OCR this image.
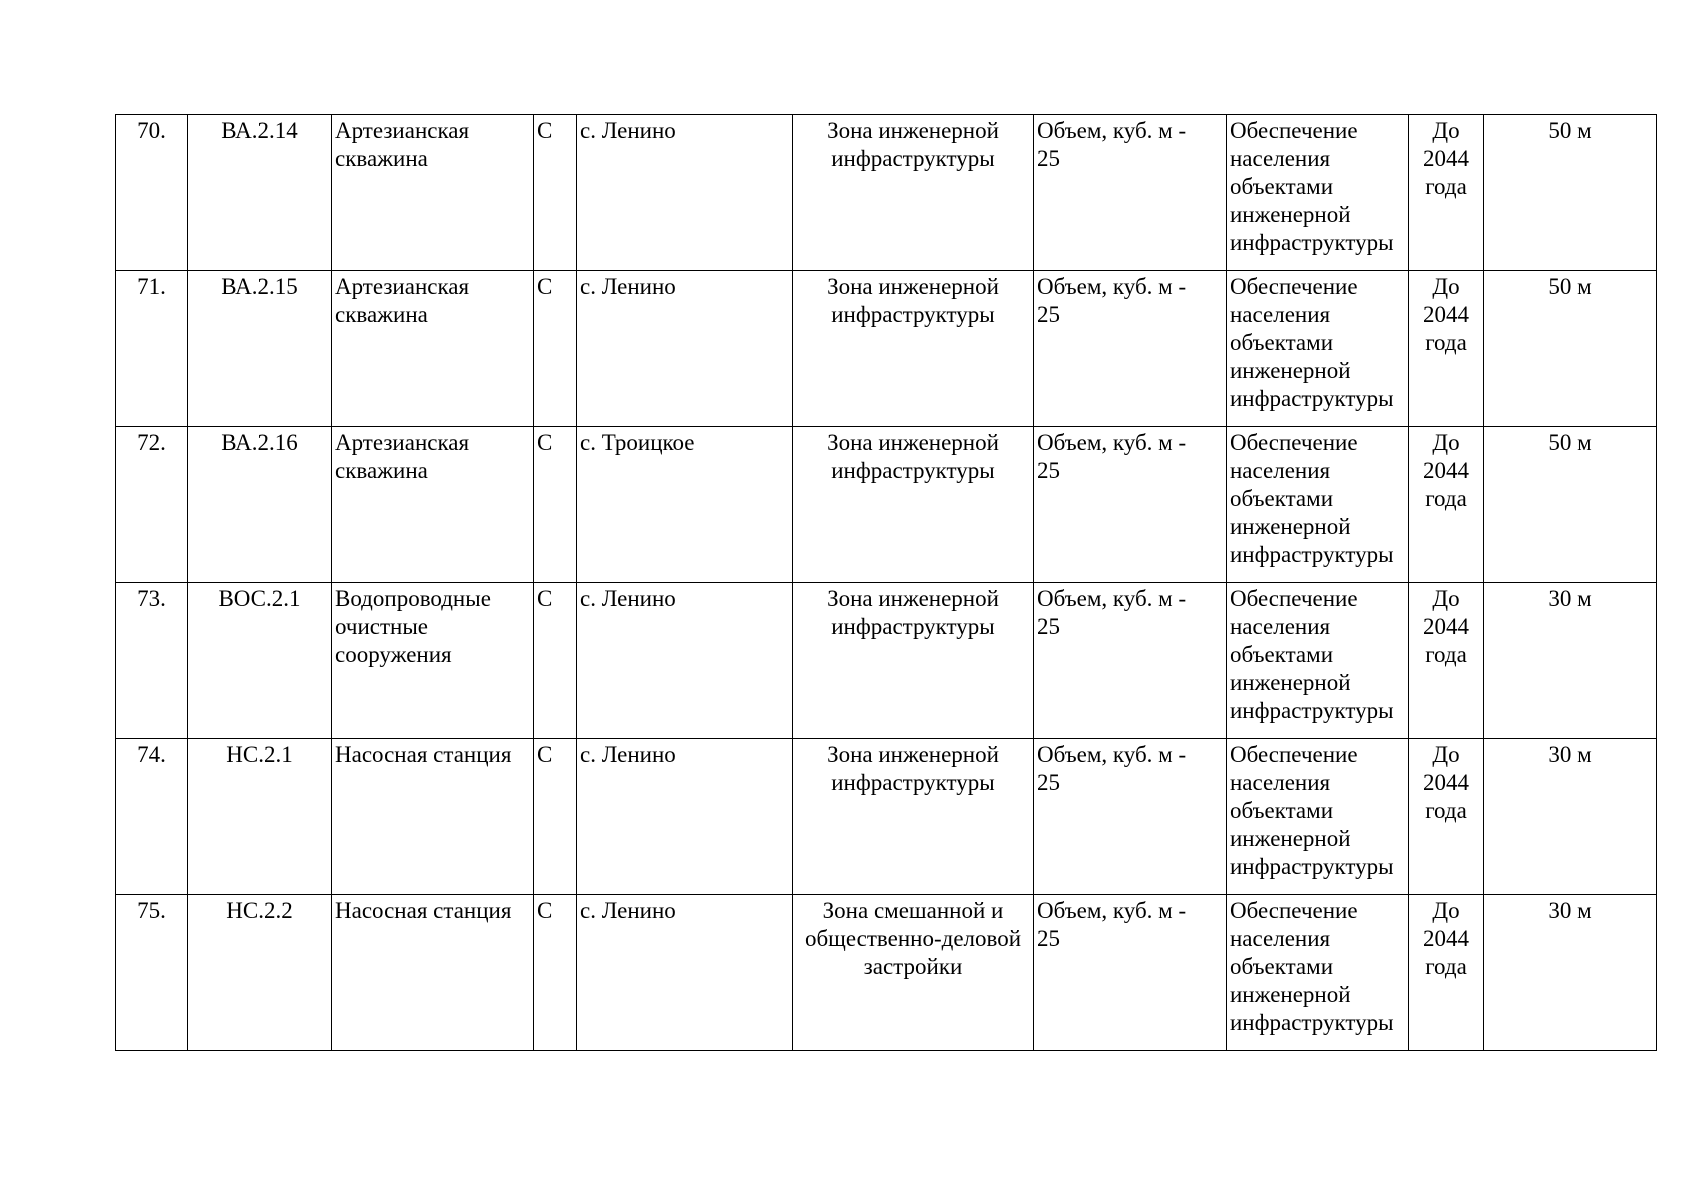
70.	ВА.2.14	Артезианская
скважина	С	с. Ленино	Зона инженерной
инфраструктуры	Объем, куб. м -
25	Обеспечение
населения
объектами
инженерной
инфраструктуры	До
2044
года	50 м
71.	ВА.2.15	Артезианская
скважина	С	с. Ленино	Зона инженерной
инфраструктуры	Объем, куб. м -
25	Обеспечение
населения
объектами
инженерной
инфраструктуры	До
2044
года	50 м
72.	ВА.2.16	Артезианская
скважина	С	с. Троицкое	Зона инженерной
инфраструктуры	Объем, куб. м -
25	Обеспечение
населения
объектами
инженерной
инфраструктуры	До
2044
года	50 м
73.	ВОС.2.1	Водопроводные
очистные
сооружения	С	с. Ленино	Зона инженерной
инфраструктуры	Объем, куб. м -
25	Обеспечение
населения
объектами
инженерной
инфраструктуры	До
2044
года	30 м
74.	НС.2.1	Насосная станция	С	с. Ленино	Зона инженерной
инфраструктуры	Объем, куб. м -
25	Обеспечение
населения
объектами
инженерной
инфраструктуры	До
2044
года	30 м
75.	НС.2.2	Насосная станция	С	с. Ленино	Зона смешанной и
общественно-деловой
застройки	Объем, куб. м -
25	Обеспечение
населения
объектами
инженерной
инфраструктуры	До
2044
года	30 м
